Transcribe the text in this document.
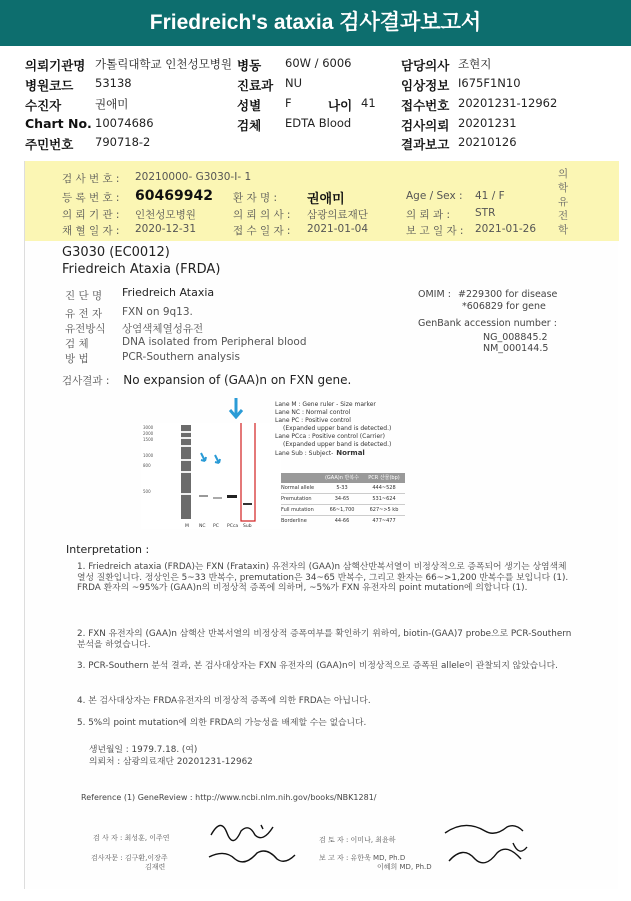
Friedreich's ataxia 검사결과보고서
의뢰기관명 가톨릭대학교 인천성모병원 병동 60W / 6006	담당의사 조현지
병원코드 53138	진료과 NU	임상정보 I675F1N10
수진자	권애미	성별 F	나이 41 접수번호 20201231-12962
Chart No. 10074686	검체 EDTA Blood	검사의뢰 20201231
주민번호 790718-2	결과보고 20210126
의
학
유
전
학
검 사 번 호 : 20210000- G3030-I- 1
등 록 번 호 : 60469942 환 자 명 : 권애미	Age / Sex : 41 / F
의 뢰 기 관 : 인천성모병원	의 뢰 의 사 : 삼광의료재단	의 뢰 과 : STR
채 혈 일 자 : 2020-12-31	접 수 일 자 : 2021-01-04	보 고 일 자 : 2021-01-26
G3030 (EC0012)
Friedreich Ataxia (FRDA)
OMIM : #229300 for disease
*606829 for gene
GenBank accession number :
NG_008845.2
NM_000144.5
진 단 명 Friedreich Ataxia
유 전 자 FXN on 9q13.
유전방식 상염색체열성유전
검 체	DNA isolated from Peripheral blood
방 법	PCR-Southern analysis
검사결과 : No expansion of (GAA)n on FXN gene.
3000
2000
1500
1000
800
500
M NC PC PCca Sub
Lane M : Gene ruler - Size marker
Lane NC : Normal control
Lane PC : Positive control
(Expanded upper band is detected.)
Lane PCca : Positive control (Carrier)
(Expanded upper band is detected.)
Lane Sub : Subject- Normal
(GAA)n 반복수	PCR 산물(bp)
Normal allele	5-33	444~528
Premutation	34-65	531~624
Full mutation	66~1,700	627~>5 kb
Borderline	44-66	477~477
Interpretation :
1. Friedreich ataxia (FRDA)는 FXN (Frataxin) 유전자의 (GAA)n 삼핵산반복서열이 비정상적으로 증폭되어 생기는 상염색체 열성 질환입니다. 정상인은 5~33 반복수, premutation은 34~65 반복수, 그리고 환자는 66~>1,200 반복수를 보입니다 (1). FRDA 환자의 ~95%가 (GAA)n의 비정상적 증폭에 의하며, ~5%가 FXN 유전자의 point mutation에 의합니다 (1).
2. FXN 유전자의 (GAA)n 삼핵산 반복서열의 비정상적 증폭여부를 확인하기 위하여, biotin-(GAA)7 probe으로 PCR-Southern 분석을 하였습니다.
3. PCR-Southern 분석 결과, 본 검사대상자는 FXN 유전자의 (GAA)n이 비정상적으로 증폭된 allele이 관찰되지 않았습니다.
4. 본 검사대상자는 FRDA유전자의 비정상적 증폭에 의한 FRDA는 아닙니다.
5. 5%의 point mutation에 의한 FRDA의 가능성을 배제할 수는 없습니다.
생년월일 : 1979.7.18. (여)
의뢰처 : 삼광의료재단 20201231-12962
Reference (1) GeneReview : http://www.ncbi.nlm.nih.gov/books/NBK1281/
검 사 자 : 최성훈, 이주연	검 토 자 : 이미나, 최윤하
검사자문 : 김구환,이장주
김재련
보 고 자 : 유한욱 MD, Ph.D
이혜희 MD, Ph.D
